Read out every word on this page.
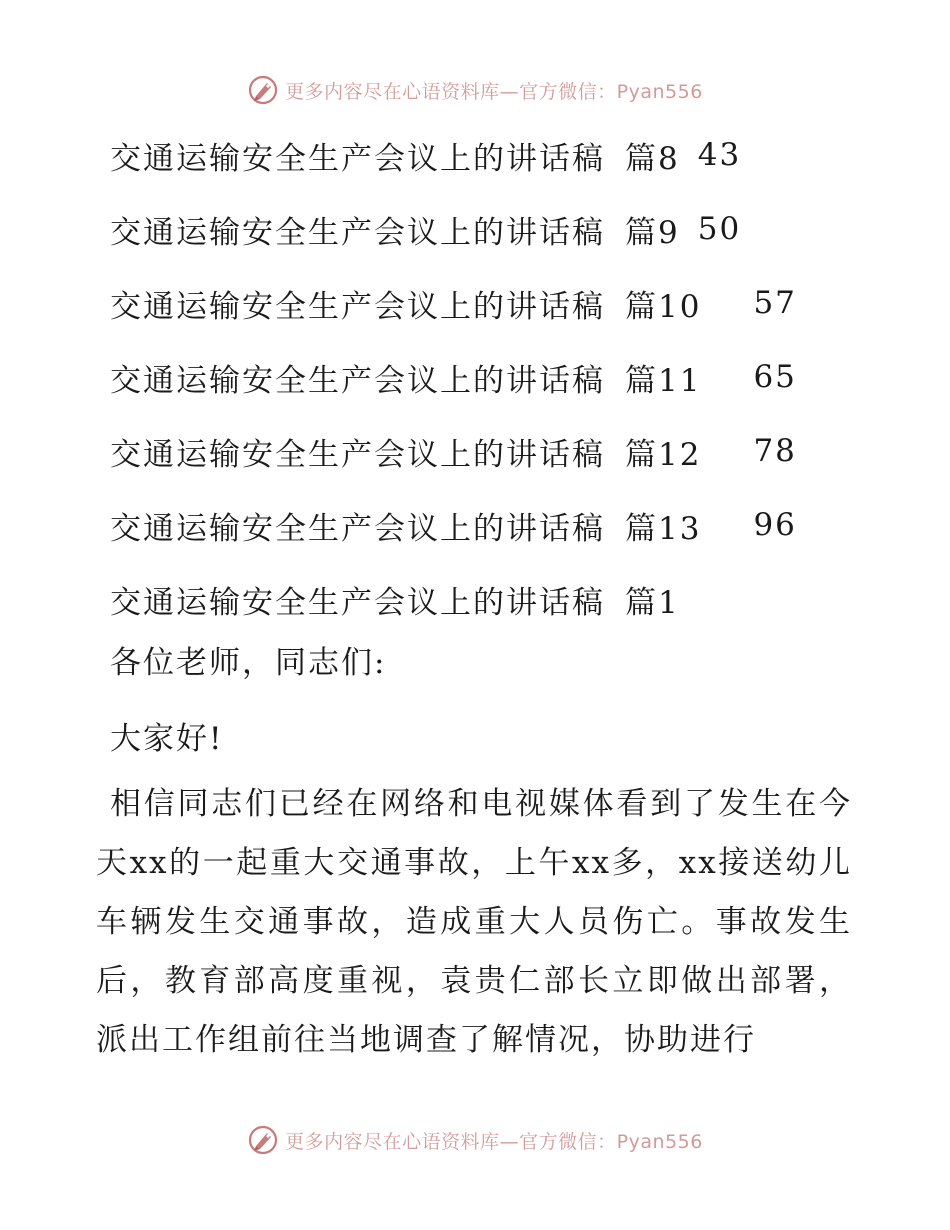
更多内容尽在心语资料库—官方微信：Pyan556
交通运输安全生产会议上的讲话稿 篇8 43
交通运输安全生产会议上的讲话稿 篇9 50
交通运输安全生产会议上的讲话稿 篇10 57
交通运输安全生产会议上的讲话稿 篇11 65
交通运输安全生产会议上的讲话稿 篇12 78
交通运输安全生产会议上的讲话稿 篇13 96
交通运输安全生产会议上的讲话稿 篇1

各位老师，同志们:

大家好!

相信同志们已经在网络和电视媒体看到了发生在今天xx的一起重大交通事故，上午xx多，xx接送幼儿车辆发生交通事故，造成重大人员伤亡。事故发生后，教育部高度重视，袁贵仁部长立即做出部署，派出工作组前往当地调查了解情况，协助进行

更多内容尽在心语资料库—官方微信：Pyan556
